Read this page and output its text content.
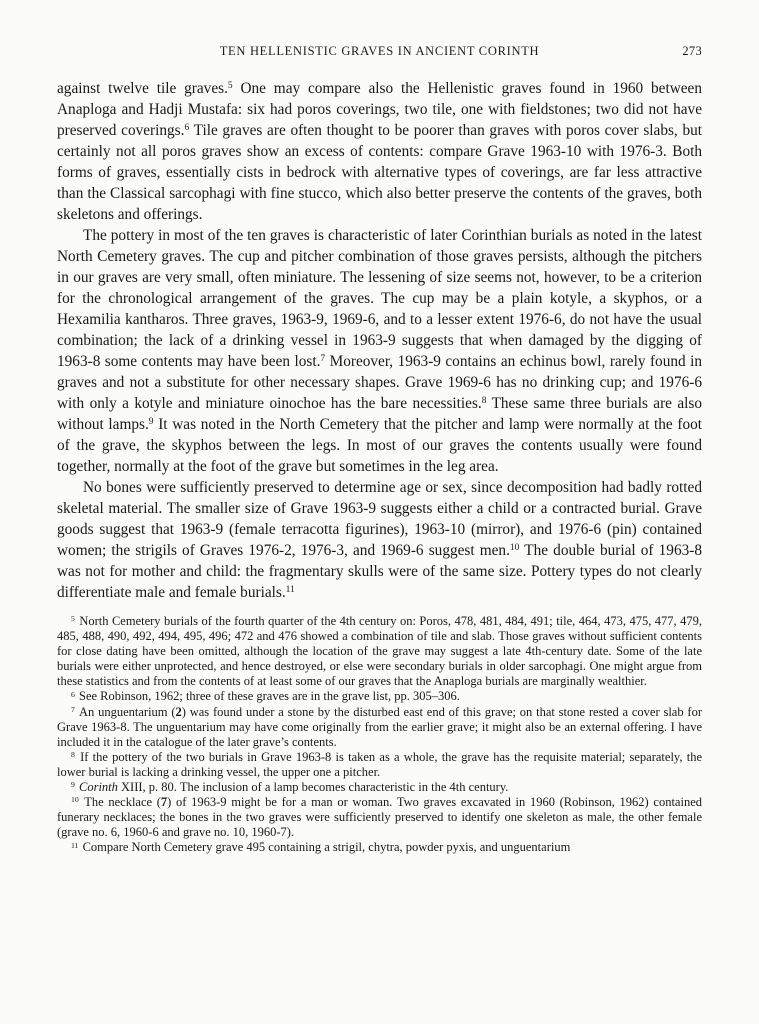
TEN HELLENISTIC GRAVES IN ANCIENT CORINTH	273

against twelve tile graves.$^5$ One may compare also the Hellenistic graves found in 1960 between Anaploga and Hadji Mustafa: six had poros coverings, two tile, one with fieldstones; two did not have preserved coverings.$^6$ Tile graves are often thought to be poorer than graves with poros cover slabs, but certainly not all poros graves show an excess of contents: compare Grave 1963-10 with 1976-3. Both forms of graves, essentially cists in bedrock with alternative types of coverings, are far less attractive than the Classical sarcophagi with fine stucco, which also better preserve the contents of the graves, both skeletons and offerings.

The pottery in most of the ten graves is characteristic of later Corinthian burials as noted in the latest North Cemetery graves. The cup and pitcher combination of those graves persists, although the pitchers in our graves are very small, often miniature. The lessening of size seems not, however, to be a criterion for the chronological arrangement of the graves. The cup may be a plain kotyle, a skyphos, or a Hexamilia kantharos. Three graves, 1963-9, 1969-6, and to a lesser extent 1976-6, do not have the usual combination; the lack of a drinking vessel in 1963-9 suggests that when damaged by the digging of 1963-8 some contents may have been lost.$^7$ Moreover, 1963-9 contains an echinus bowl, rarely found in graves and not a substitute for other necessary shapes. Grave 1969-6 has no drinking cup; and 1976-6 with only a kotyle and miniature oinochoe has the bare necessities.$^8$ These same three burials are also without lamps.$^9$ It was noted in the North Cemetery that the pitcher and lamp were normally at the foot of the grave, the skyphos between the legs. In most of our graves the contents usually were found together, normally at the foot of the grave but sometimes in the leg area.

No bones were sufficiently preserved to determine age or sex, since decomposition had badly rotted skeletal material. The smaller size of Grave 1963-9 suggests either a child or a contracted burial. Grave goods suggest that 1963-9 (female terracotta figurines), 1963-10 (mirror), and 1976-6 (pin) contained women; the strigils of Graves 1976-2, 1976-3, and 1969-6 suggest men.$^{10}$ The double burial of 1963-8 was not for mother and child: the fragmentary skulls were of the same size. Pottery types do not clearly differentiate male and female burials.$^{11}$

$^5$ North Cemetery burials of the fourth quarter of the 4th century on: Poros, 478, 481, 484, 491; tile, 464, 473, 475, 477, 479, 485, 488, 490, 492, 494, 495, 496; 472 and 476 showed a combination of tile and slab. Those graves without sufficient contents for close dating have been omitted, although the location of the grave may suggest a late 4th-century date. Some of the late burials were either unprotected, and hence destroyed, or else were secondary burials in older sarcophagi. One might argue from these statistics and from the contents of at least some of our graves that the Anaploga burials are marginally wealthier.

$^6$ See Robinson, 1962; three of these graves are in the grave list, pp. 305–306.

$^7$ An unguentarium (2) was found under a stone by the disturbed east end of this grave; on that stone rested a cover slab for Grave 1963-8. The unguentarium may have come originally from the earlier grave; it might also be an external offering. I have included it in the catalogue of the later grave’s contents.

$^8$ If the pottery of the two burials in Grave 1963-8 is taken as a whole, the grave has the requisite material; separately, the lower burial is lacking a drinking vessel, the upper one a pitcher.

$^9$ Corinth XIII, p. 80. The inclusion of a lamp becomes characteristic in the 4th century.

$^{10}$ The necklace (7) of 1963-9 might be for a man or woman. Two graves excavated in 1960 (Robinson, 1962) contained funerary necklaces; the bones in the two graves were sufficiently preserved to identify one skeleton as male, the other female (grave no. 6, 1960-6 and grave no. 10, 1960-7).

$^{11}$ Compare North Cemetery grave 495 containing a strigil, chytra, powder pyxis, and unguentarium
